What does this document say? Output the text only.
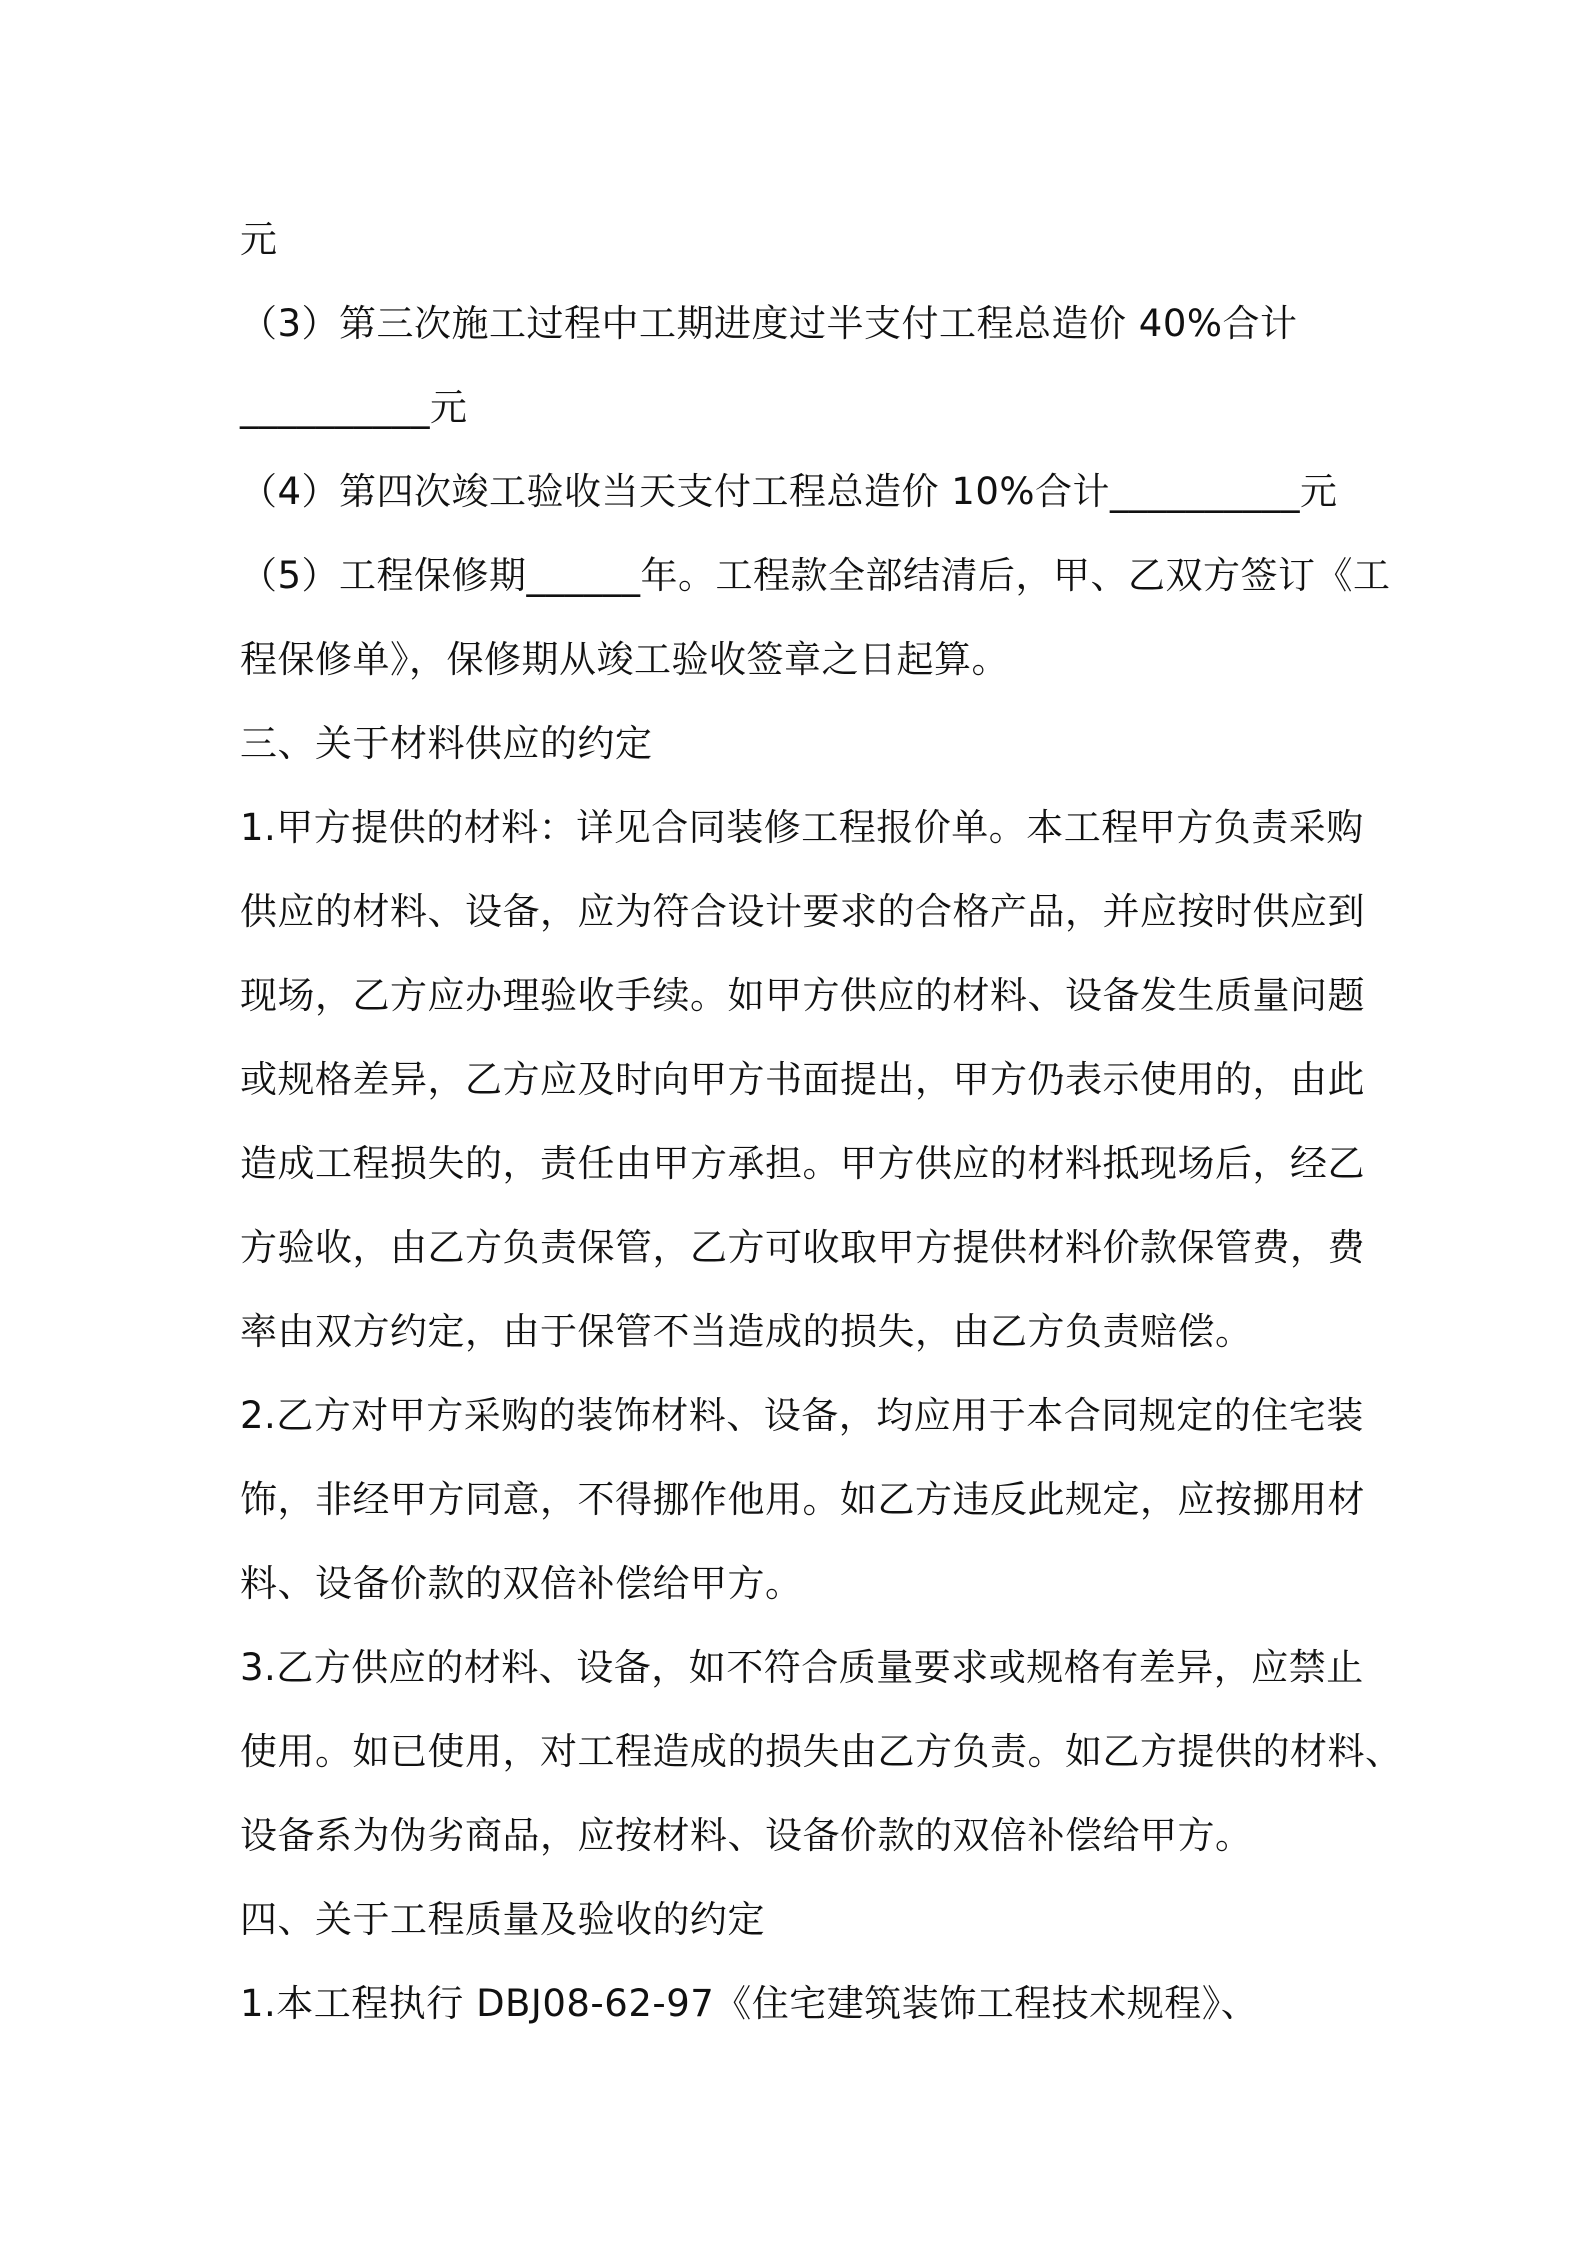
元
（3）第三次施工过程中工期进度过半支付工程总造价 40%合计
__________元
（4）第四次竣工验收当天支付工程总造价 10%合计__________元
（5）工程保修期______年。工程款全部结清后，甲、乙双方签订《工
程保修单》，保修期从竣工验收签章之日起算。
三、关于材料供应的约定
1.甲方提供的材料：详见合同装修工程报价单。本工程甲方负责采购
供应的材料、设备，应为符合设计要求的合格产品，并应按时供应到
现场，乙方应办理验收手续。如甲方供应的材料、设备发生质量问题
或规格差异，乙方应及时向甲方书面提出，甲方仍表示使用的，由此
造成工程损失的，责任由甲方承担。甲方供应的材料抵现场后，经乙
方验收，由乙方负责保管，乙方可收取甲方提供材料价款保管费，费
率由双方约定，由于保管不当造成的损失，由乙方负责赔偿。
2.乙方对甲方采购的装饰材料、设备，均应用于本合同规定的住宅装
饰，非经甲方同意，不得挪作他用。如乙方违反此规定，应按挪用材
料、设备价款的双倍补偿给甲方。
3.乙方供应的材料、设备，如不符合质量要求或规格有差异，应禁止
使用。如已使用，对工程造成的损失由乙方负责。如乙方提供的材料、
设备系为伪劣商品，应按材料、设备价款的双倍补偿给甲方。
四、关于工程质量及验收的约定
1.本工程执行 DBJ08-62-97《住宅建筑装饰工程技术规程》、
